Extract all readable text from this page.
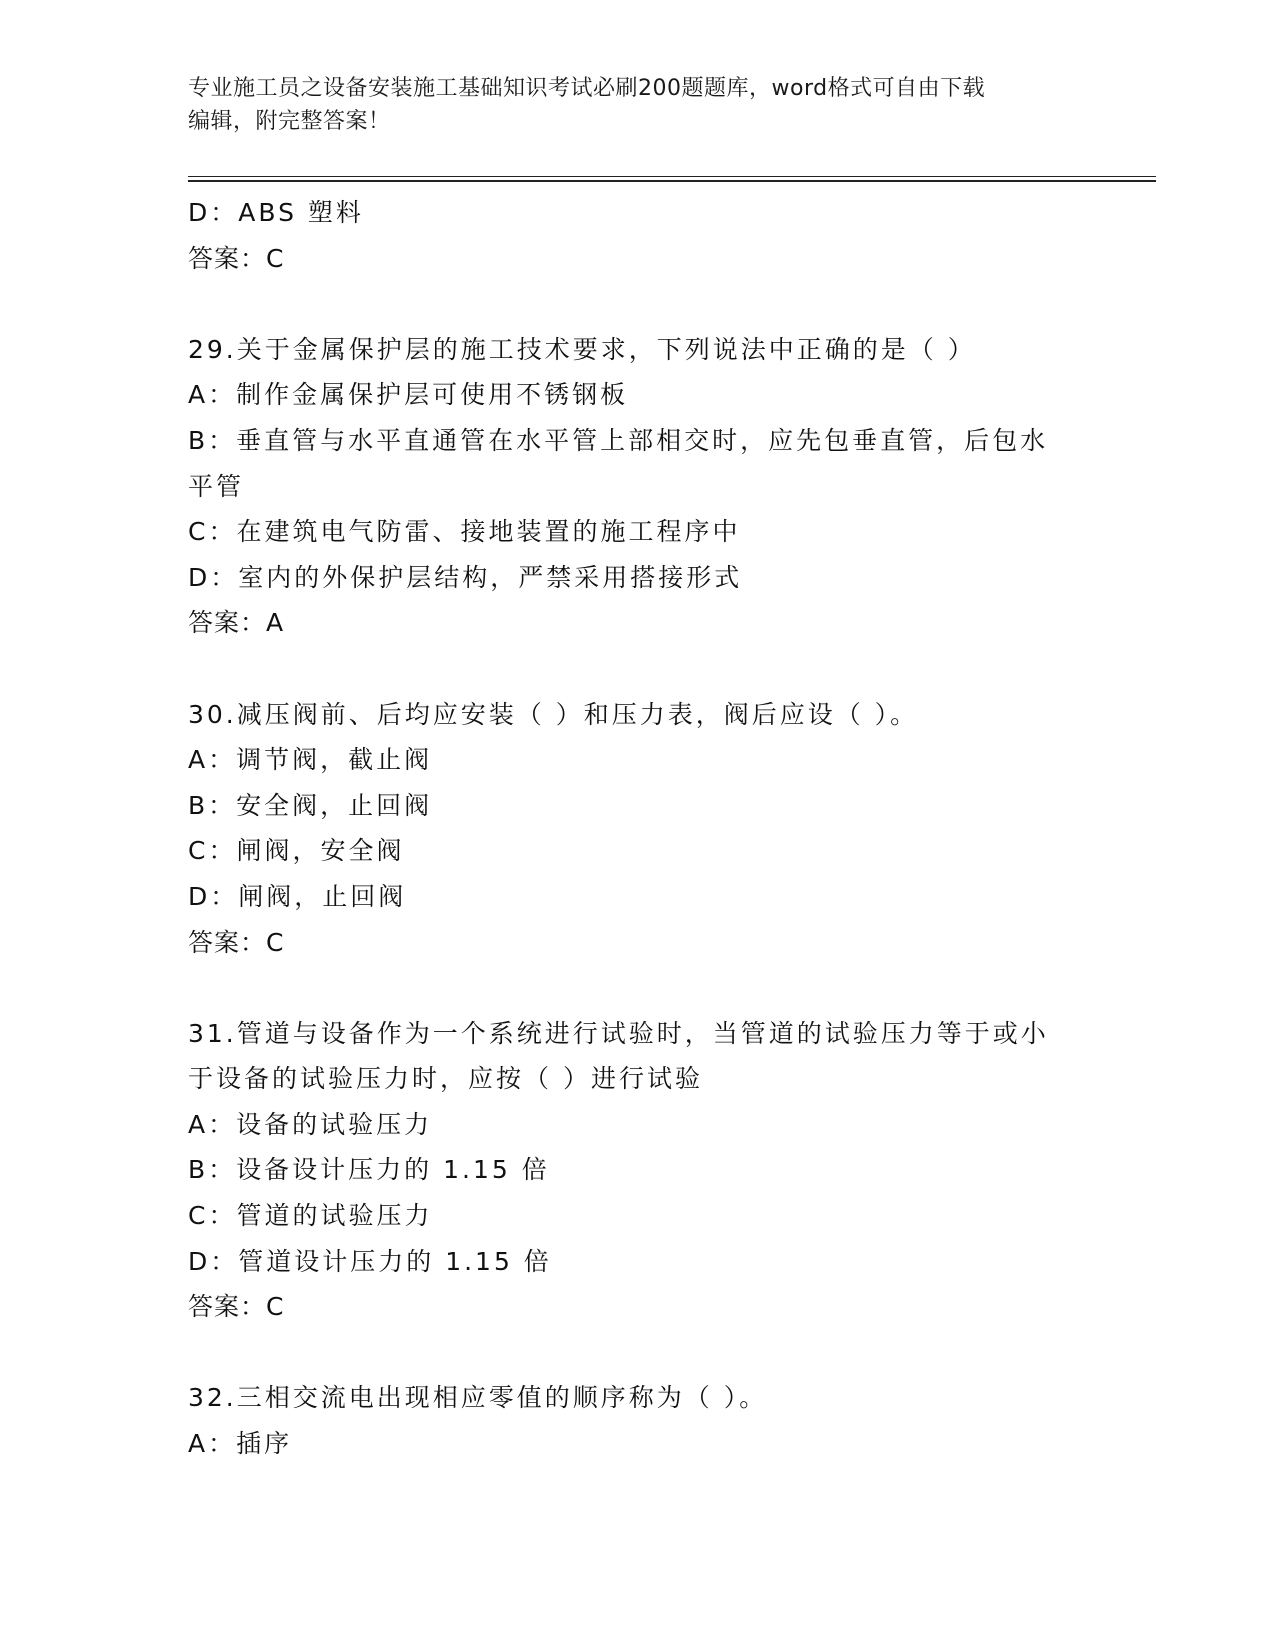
专业施工员之设备安装施工基础知识考试必刷200题题库，word格式可自由下载
编辑，附完整答案！
D：ABS 塑料
答案：C
29.关于金属保护层的施工技术要求，下列说法中正确的是（ ）
A：制作金属保护层可使用不锈钢板
B：垂直管与水平直通管在水平管上部相交时，应先包垂直管，后包水
平管
C：在建筑电气防雷、接地装置的施工程序中
D：室内的外保护层结构，严禁采用搭接形式
答案：A
30.减压阀前、后均应安装（ ）和压力表，阀后应设（ ）。
A：调节阀，截止阀
B：安全阀，止回阀
C：闸阀，安全阀
D：闸阀，止回阀
答案：C
31.管道与设备作为一个系统进行试验时，当管道的试验压力等于或小
于设备的试验压力时，应按（ ）进行试验
A：设备的试验压力
B：设备设计压力的 1.15 倍
C：管道的试验压力
D：管道设计压力的 1.15 倍
答案：C
32.三相交流电出现相应零值的顺序称为（ ）。
A：插序
